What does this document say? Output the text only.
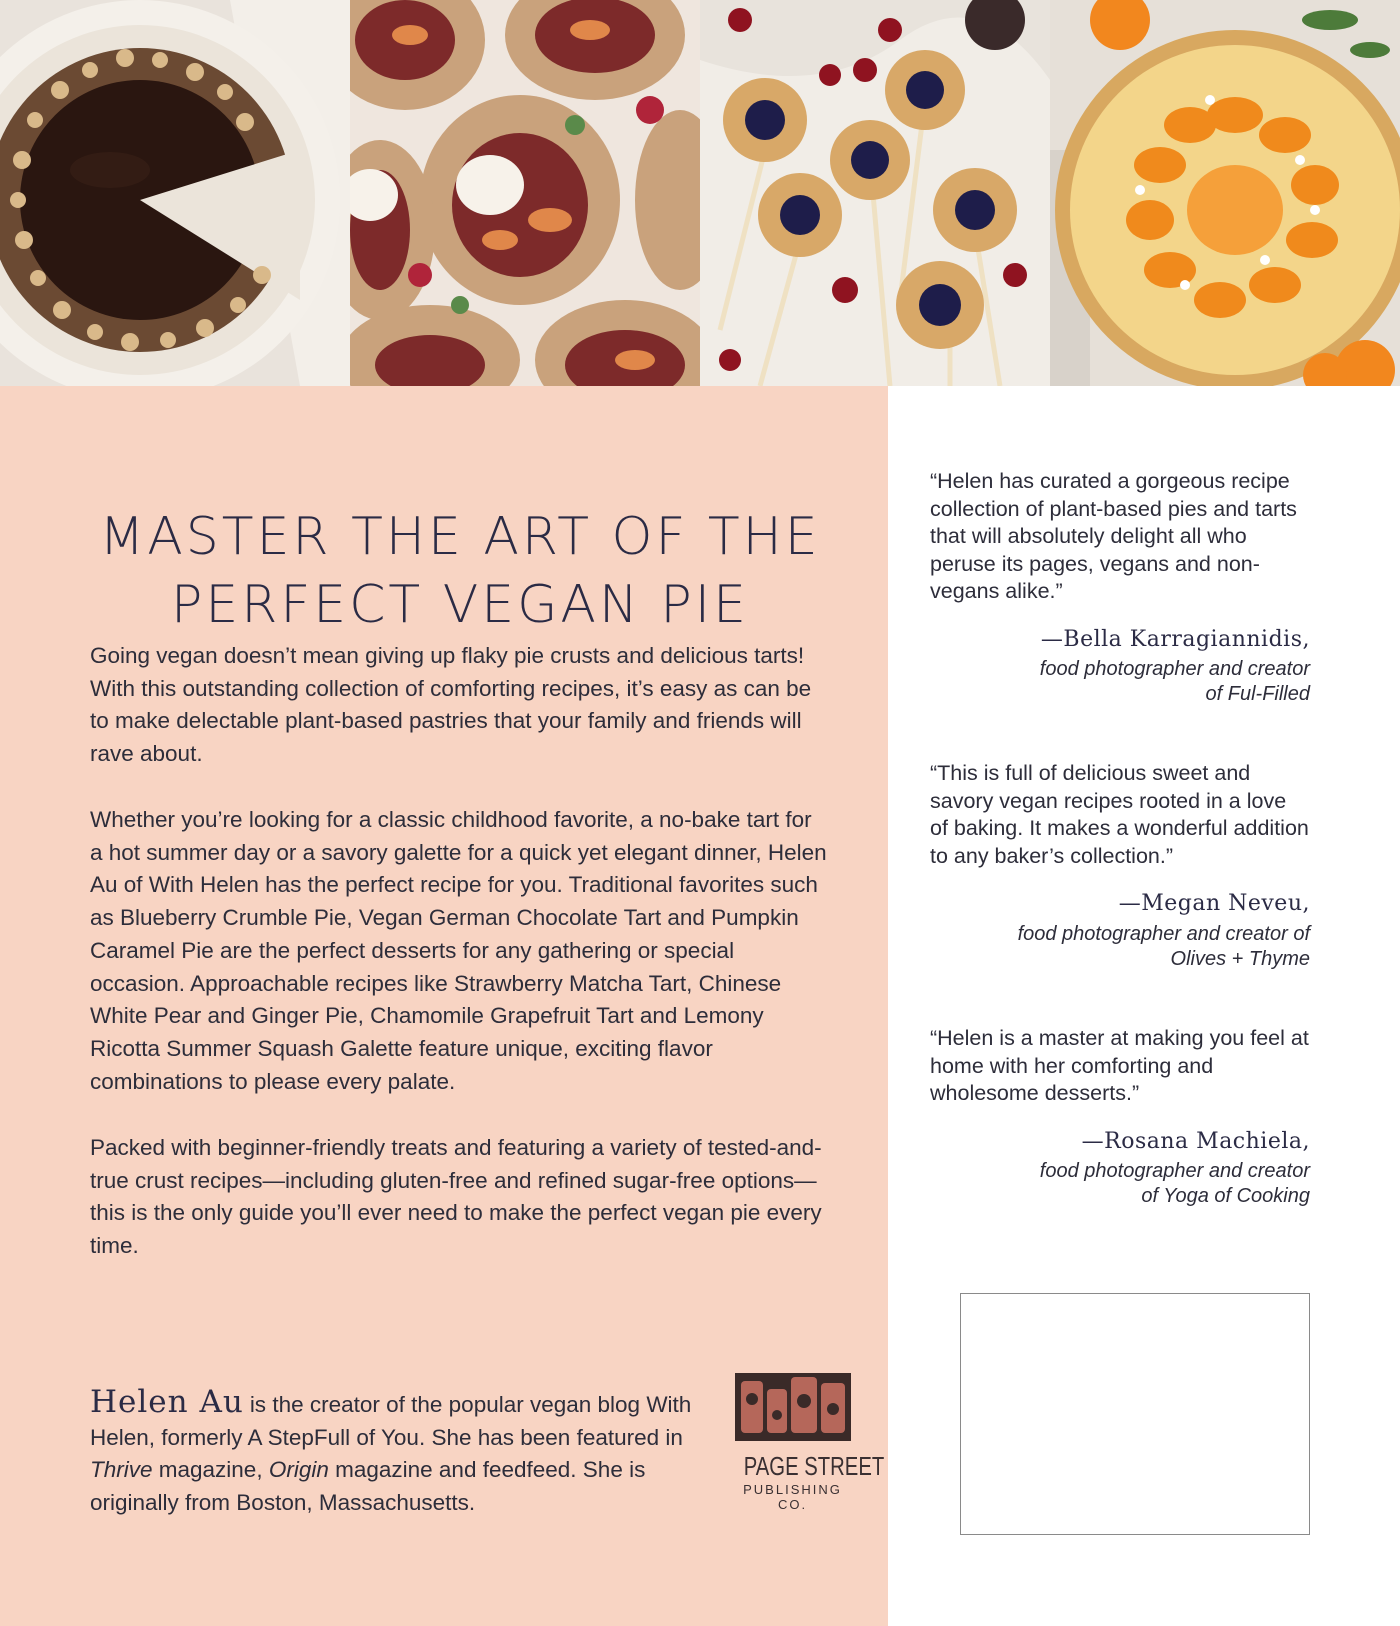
MASTER THE ART OF THE
PERFECT VEGAN PIE

Going vegan doesn’t mean giving up flaky pie crusts and delicious tarts! With this outstanding collection of comforting recipes, it’s easy as can be to make delectable plant-based pastries that your family and friends will rave about.

Whether you’re looking for a classic childhood favorite, a no-bake tart for a hot summer day or a savory galette for a quick yet elegant dinner, Helen Au of With Helen has the perfect recipe for you. Traditional favorites such as Blueberry Crumble Pie, Vegan German Chocolate Tart and Pumpkin Caramel Pie are the perfect desserts for any gathering or special occasion. Approachable recipes like Strawberry Matcha Tart, Chinese White Pear and Ginger Pie, Chamomile Grapefruit Tart and Lemony Ricotta Summer Squash Galette feature unique, exciting flavor combinations to please every palate.

Packed with beginner-friendly treats and featuring a variety of tested-and-true crust recipes—including gluten-free and refined sugar-free options—this is the only guide you’ll ever need to make the perfect vegan pie every time.

Helen Au is the creator of the popular vegan blog With Helen, formerly A StepFull of You. She has been featured in Thrive magazine, Origin magazine and feedfeed. She is originally from Boston, Massachusetts.
PAGE STREET
PUBLISHING CO.

“Helen has curated a gorgeous recipe collection of plant-based pies and tarts that will absolutely delight all who peruse its pages, vegans and non-vegans alike.”

—Bella Karragiannidis,
food photographer and creator
of Ful-Filled

“This is full of delicious sweet and savory vegan recipes rooted in a love of baking. It makes a wonderful addition to any baker’s collection.”

—Megan Neveu,
food photographer and creator of
Olives + Thyme

“Helen is a master at making you feel at home with her comforting and wholesome desserts.”

—Rosana Machiela,
food photographer and creator
of Yoga of Cooking
